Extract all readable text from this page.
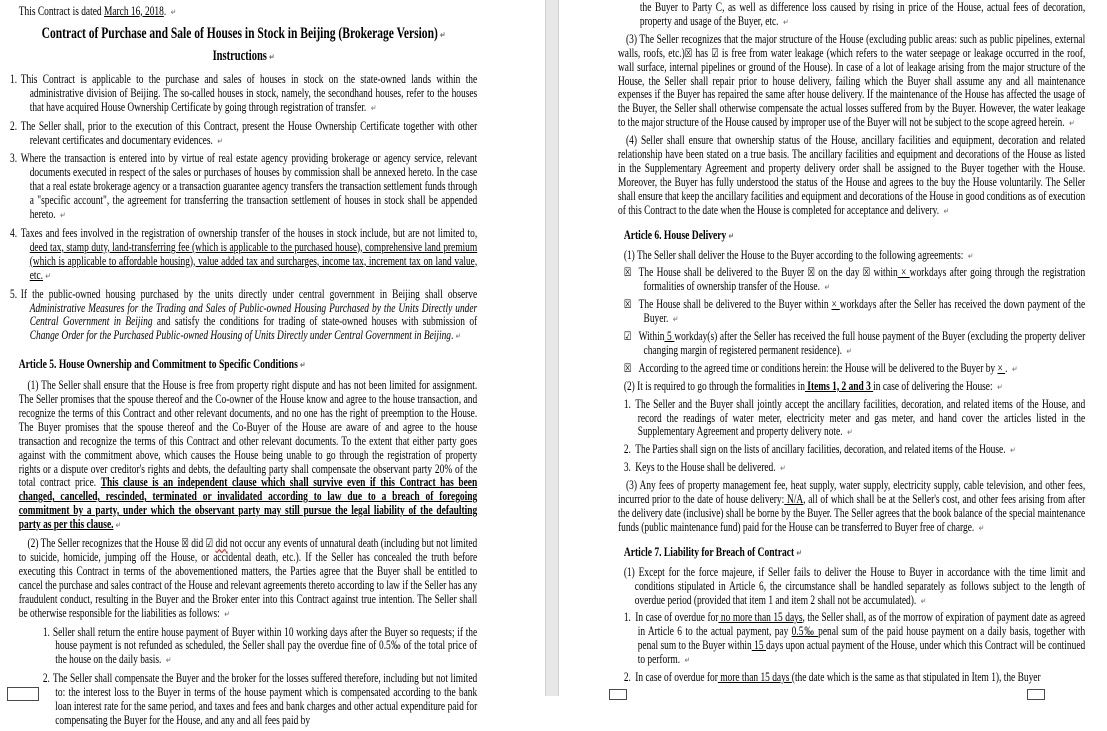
This Contract is dated March 16, 2018. ↵
Contract of Purchase and Sale of Houses in Stock in Beijing (Brokerage Version) ↵
Instructions ↵
1. This Contract is applicable to the purchase and sales of houses in stock on the state-owned lands within the administrative division of Beijing. The so-called houses in stock, namely, the secondhand houses, refer to the houses that have acquired House Ownership Certificate by going through registration of transfer. ↵
2. The Seller shall, prior to the execution of this Contract, present the House Ownership Certificate together with other relevant certificates and documentary evidences. ↵
3. Where the transaction is entered into by virtue of real estate agency providing brokerage or agency service, relevant documents executed in respect of the sales or purchases of houses by commission shall be annexed hereto. In the case that a real estate brokerage agency or a transaction guarantee agency transfers the transaction settlement funds through a "specific account", the agreement for transferring the transaction settlement of houses in stock shall be appended hereto. ↵
4. Taxes and fees involved in the registration of ownership transfer of the houses in stock include, but are not limited to, deed tax, stamp duty, land-transferring fee (which is applicable to the purchased house), comprehensive land premium (which is applicable to affordable housing), value added tax and surcharges, income tax, increment tax on land value, etc. ↵
5. If the public-owned housing purchased by the units directly under central government in Beijing shall observe Administrative Measures for the Trading and Sales of Public-owned Housing Purchased by the Units Directly under Central Government in Beijing and satisfy the conditions for trading of state-owned houses with submission of Change Order for the Purchased Public-owned Housing of Units Directly under Central Government in Beijing. ↵
Article 5. House Ownership and Commitment to Specific Conditions ↵
(1) The Seller shall ensure that the House is free from property right dispute and has not been limited for assignment. The Seller promises that the spouse thereof and the Co-owner of the House know and agree to the house transaction, and recognize the terms of this Contract and other relevant documents, and no one has the right of preemption to the House. The Buyer promises that the spouse thereof and the Co-Buyer of the House are aware of and agree to the house transaction and recognize the terms of this Contract and other relevant documents. To the extent that either party goes against with the commitment above, which causes the House being unable to go through the registration of property rights or a dispute over creditor's rights and debts, the defaulting party shall compensate the observant party 20% of the total contract price. This clause is an independent clause which shall survive even if this Contract has been changed, cancelled, rescinded, terminated or invalidated according to law due to a breach of foregoing commitment by a party, under which the observant party may still pursue the legal liability of the defaulting party as per this clause. ↵
(2) The Seller recognizes that the House ☒ did ☑ did not occur any events of unnatural death (including but not limited to suicide, homicide, jumping off the House, or accidental death, etc.). If the Seller has concealed the truth before executing this Contract in terms of the abovementioned matters, the Parties agree that the Buyer shall be entitled to cancel the purchase and sales contract of the House and relevant agreements thereto according to law if the Seller has any fraudulent conduct, resulting in the Buyer and the Broker enter into this Contract against true intention. The Seller shall be otherwise responsible for the liabilities as follows: ↵
1. Seller shall return the entire house payment of Buyer within 10 working days after the Buyer so requests; if the house payment is not refunded as scheduled, the Seller shall pay the overdue fine of 0.5‰ of the total price of the house on the daily basis. ↵
2. The Seller shall compensate the Buyer and the broker for the losses suffered therefore, including but not limited to: the interest loss to the Buyer in terms of the house payment which is compensated according to the bank loan interest rate for the same period, and taxes and fees and bank charges and other actual expenditure paid for compensating the Buyer for the House, and any and all fees paid by
the Buyer to Party C, as well as difference loss caused by rising in price of the House, actual fees of decoration, property and usage of the Buyer, etc. ↵
(3) The Seller recognizes that the major structure of the House (excluding public areas: such as public pipelines, external walls, roofs, etc.)☒ has ☑ is free from water leakage (which refers to the water seepage or leakage occurred in the roof, wall surface, internal pipelines or ground of the House). In case of a lot of leakage arising from the major structure of the House, the Seller shall repair prior to house delivery, failing which the Buyer shall assume any and all maintenance expenses if the Buyer has repaired the same after house delivery. If the maintenance of the House has affected the usage of the Buyer, the Seller shall otherwise compensate the actual losses suffered from by the Buyer. However, the water leakage to the major structure of the House caused by improper use of the Buyer will not be subject to the scope agreed herein. ↵
(4) Seller shall ensure that ownership status of the House, ancillary facilities and equipment, decoration and related relationship have been stated on a true basis. The ancillary facilities and equipment and decorations of the House as listed in the Supplementary Agreement and property delivery order shall be assigned to the Buyer together with the House. Moreover, the Buyer has fully understood the status of the House and agrees to the buy the House voluntarily. The Seller shall ensure that keep the ancillary facilities and equipment and decorations of the House in good conditions as of execution of this Contract to the date when the House is completed for acceptance and delivery. ↵
Article 6. House Delivery ↵
(1) The Seller shall deliver the House to the Buyer according to the following agreements: ↵
☒ The House shall be delivered to the Buyer ☒ on the day ☒ within × workdays after going through the registration formalities of ownership transfer of the House. ↵
☒ The House shall be delivered to the Buyer within × workdays after the Seller has received the down payment of the Buyer. ↵
☑ Within 5 workday(s) after the Seller has received the full house payment of the Buyer (excluding the property deliver changing margin of registered permanent residence). ↵
☒ According to the agreed time or conditions herein: the House will be delivered to the Buyer by × . ↵
(2) It is required to go through the formalities in Items 1, 2 and 3 in case of delivering the House: ↵
1. The Seller and the Buyer shall jointly accept the ancillary facilities, decoration, and related items of the House, and record the readings of water meter, electricity meter and gas meter, and hand cover the articles listed in the Supplementary Agreement and property delivery note. ↵
2. The Parties shall sign on the lists of ancillary facilities, decoration, and related items of the House. ↵
3. Keys to the House shall be delivered. ↵
(3) Any fees of property management fee, heat supply, water supply, electricity supply, cable television, and other fees, incurred prior to the date of house delivery: N/A, all of which shall be at the Seller's cost, and other fees arising from after the delivery date (inclusive) shall be borne by the Buyer. The Seller agrees that the book balance of the special maintenance funds (public maintenance fund) paid for the House can be transferred to Buyer free of charge. ↵
Article 7. Liability for Breach of Contract ↵
(1) Except for the force majeure, if Seller fails to deliver the House to Buyer in accordance with the time limit and conditions stipulated in Article 6, the circumstance shall be handled separately as follows subject to the length of overdue period (provided that item 1 and item 2 shall not be accumulated). ↵
1. In case of overdue for no more than 15 days, the Seller shall, as of the morrow of expiration of payment date as agreed in Article 6 to the actual payment, pay 0.5‰ penal sum of the paid house payment on a daily basis, together with penal sum to the Buyer within 15 days upon actual payment of the House, under which this Contract will be continued to perform. ↵
2. In case of overdue for more than 15 days (the date which is the same as that stipulated in Item 1), the Buyer
